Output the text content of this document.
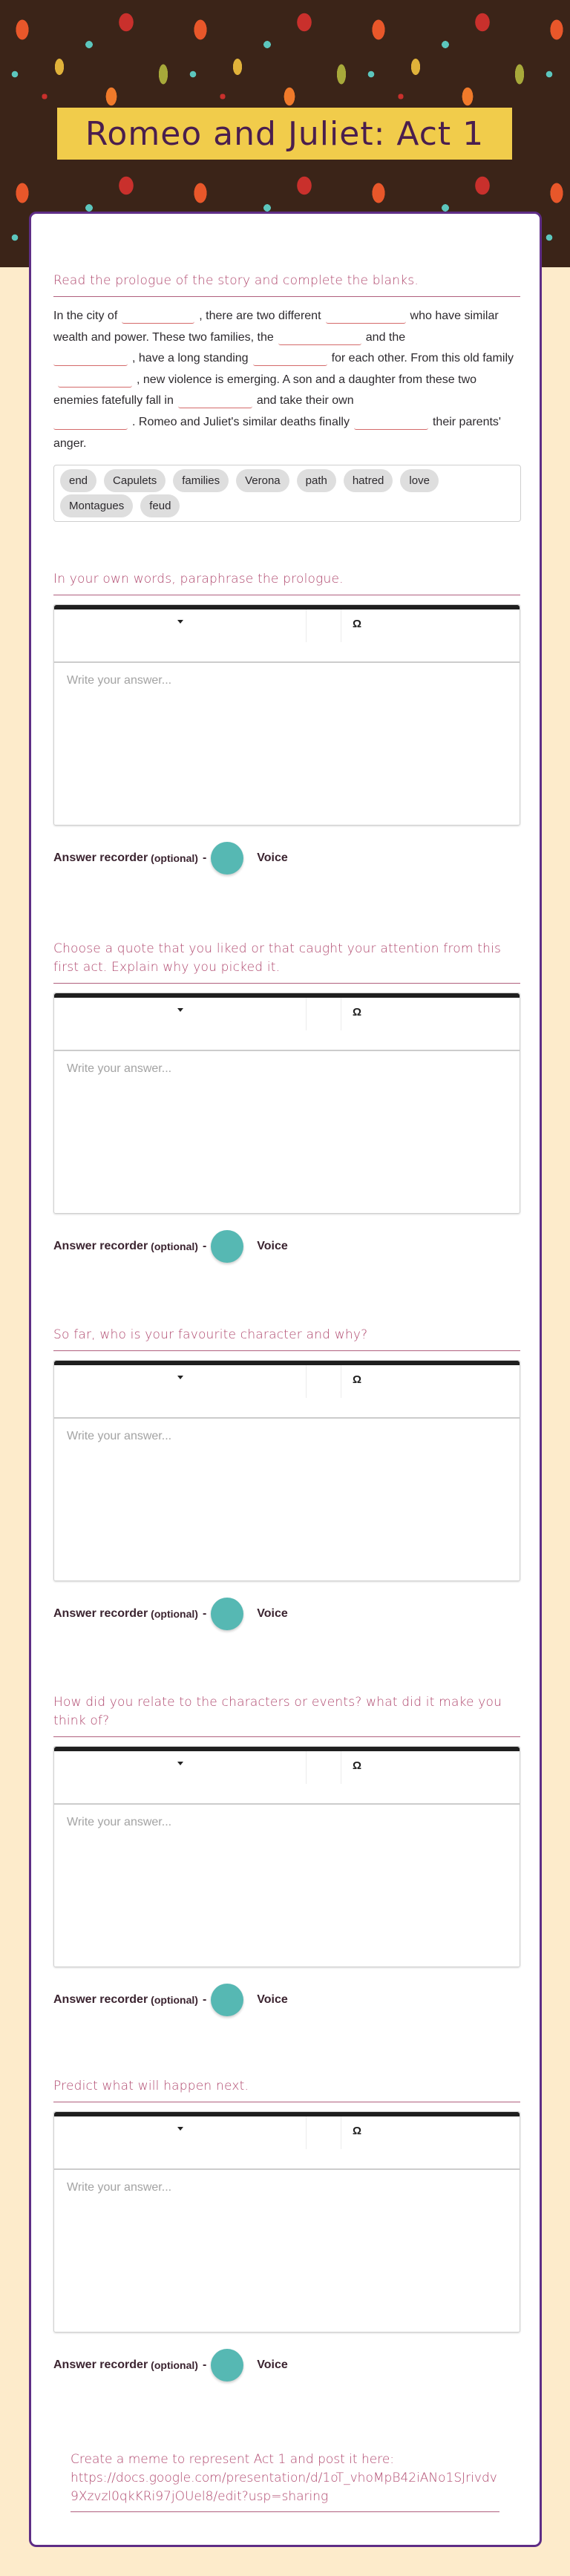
Romeo and Juliet: Act 1
Read the prologue of the story and complete the blanks.
In the city of	, there are two different	who have similar wealth and power. These two families, the	and the
, have a long standing	for each other. From this old family, new violence is emerging. A son and a daughter from these two enemies fatefully fall in	and take their own
. Romeo and Juliet's similar deaths finally	their parents' anger.
end	Capulets	families	Verona	path	hatred	love
Montagues	feud
In your own words, paraphrase the prologue.
Ω
Write your answer...
Answer recorder (optional) -	Voice
Choose a quote that you liked or that caught your attention from this first act. Explain why you picked it.
Ω
Write your answer...
Answer recorder (optional) -	Voice
So far, who is your favourite character and why?
Ω
Write your answer...
Answer recorder (optional) -	Voice
How did you relate to the characters or events? what did it make you think of?
Ω
Write your answer...
Answer recorder (optional) -	Voice
Predict what will happen next.
Ω
Write your answer...
Answer recorder (optional) -	Voice
Create a meme to represent Act 1 and post it here:
https://docs.google.com/presentation/d/1oT_vhoMpB42iANo1SJrivdv9Xzvzl0qkKRi97jOUel8/edit?usp=sharing
